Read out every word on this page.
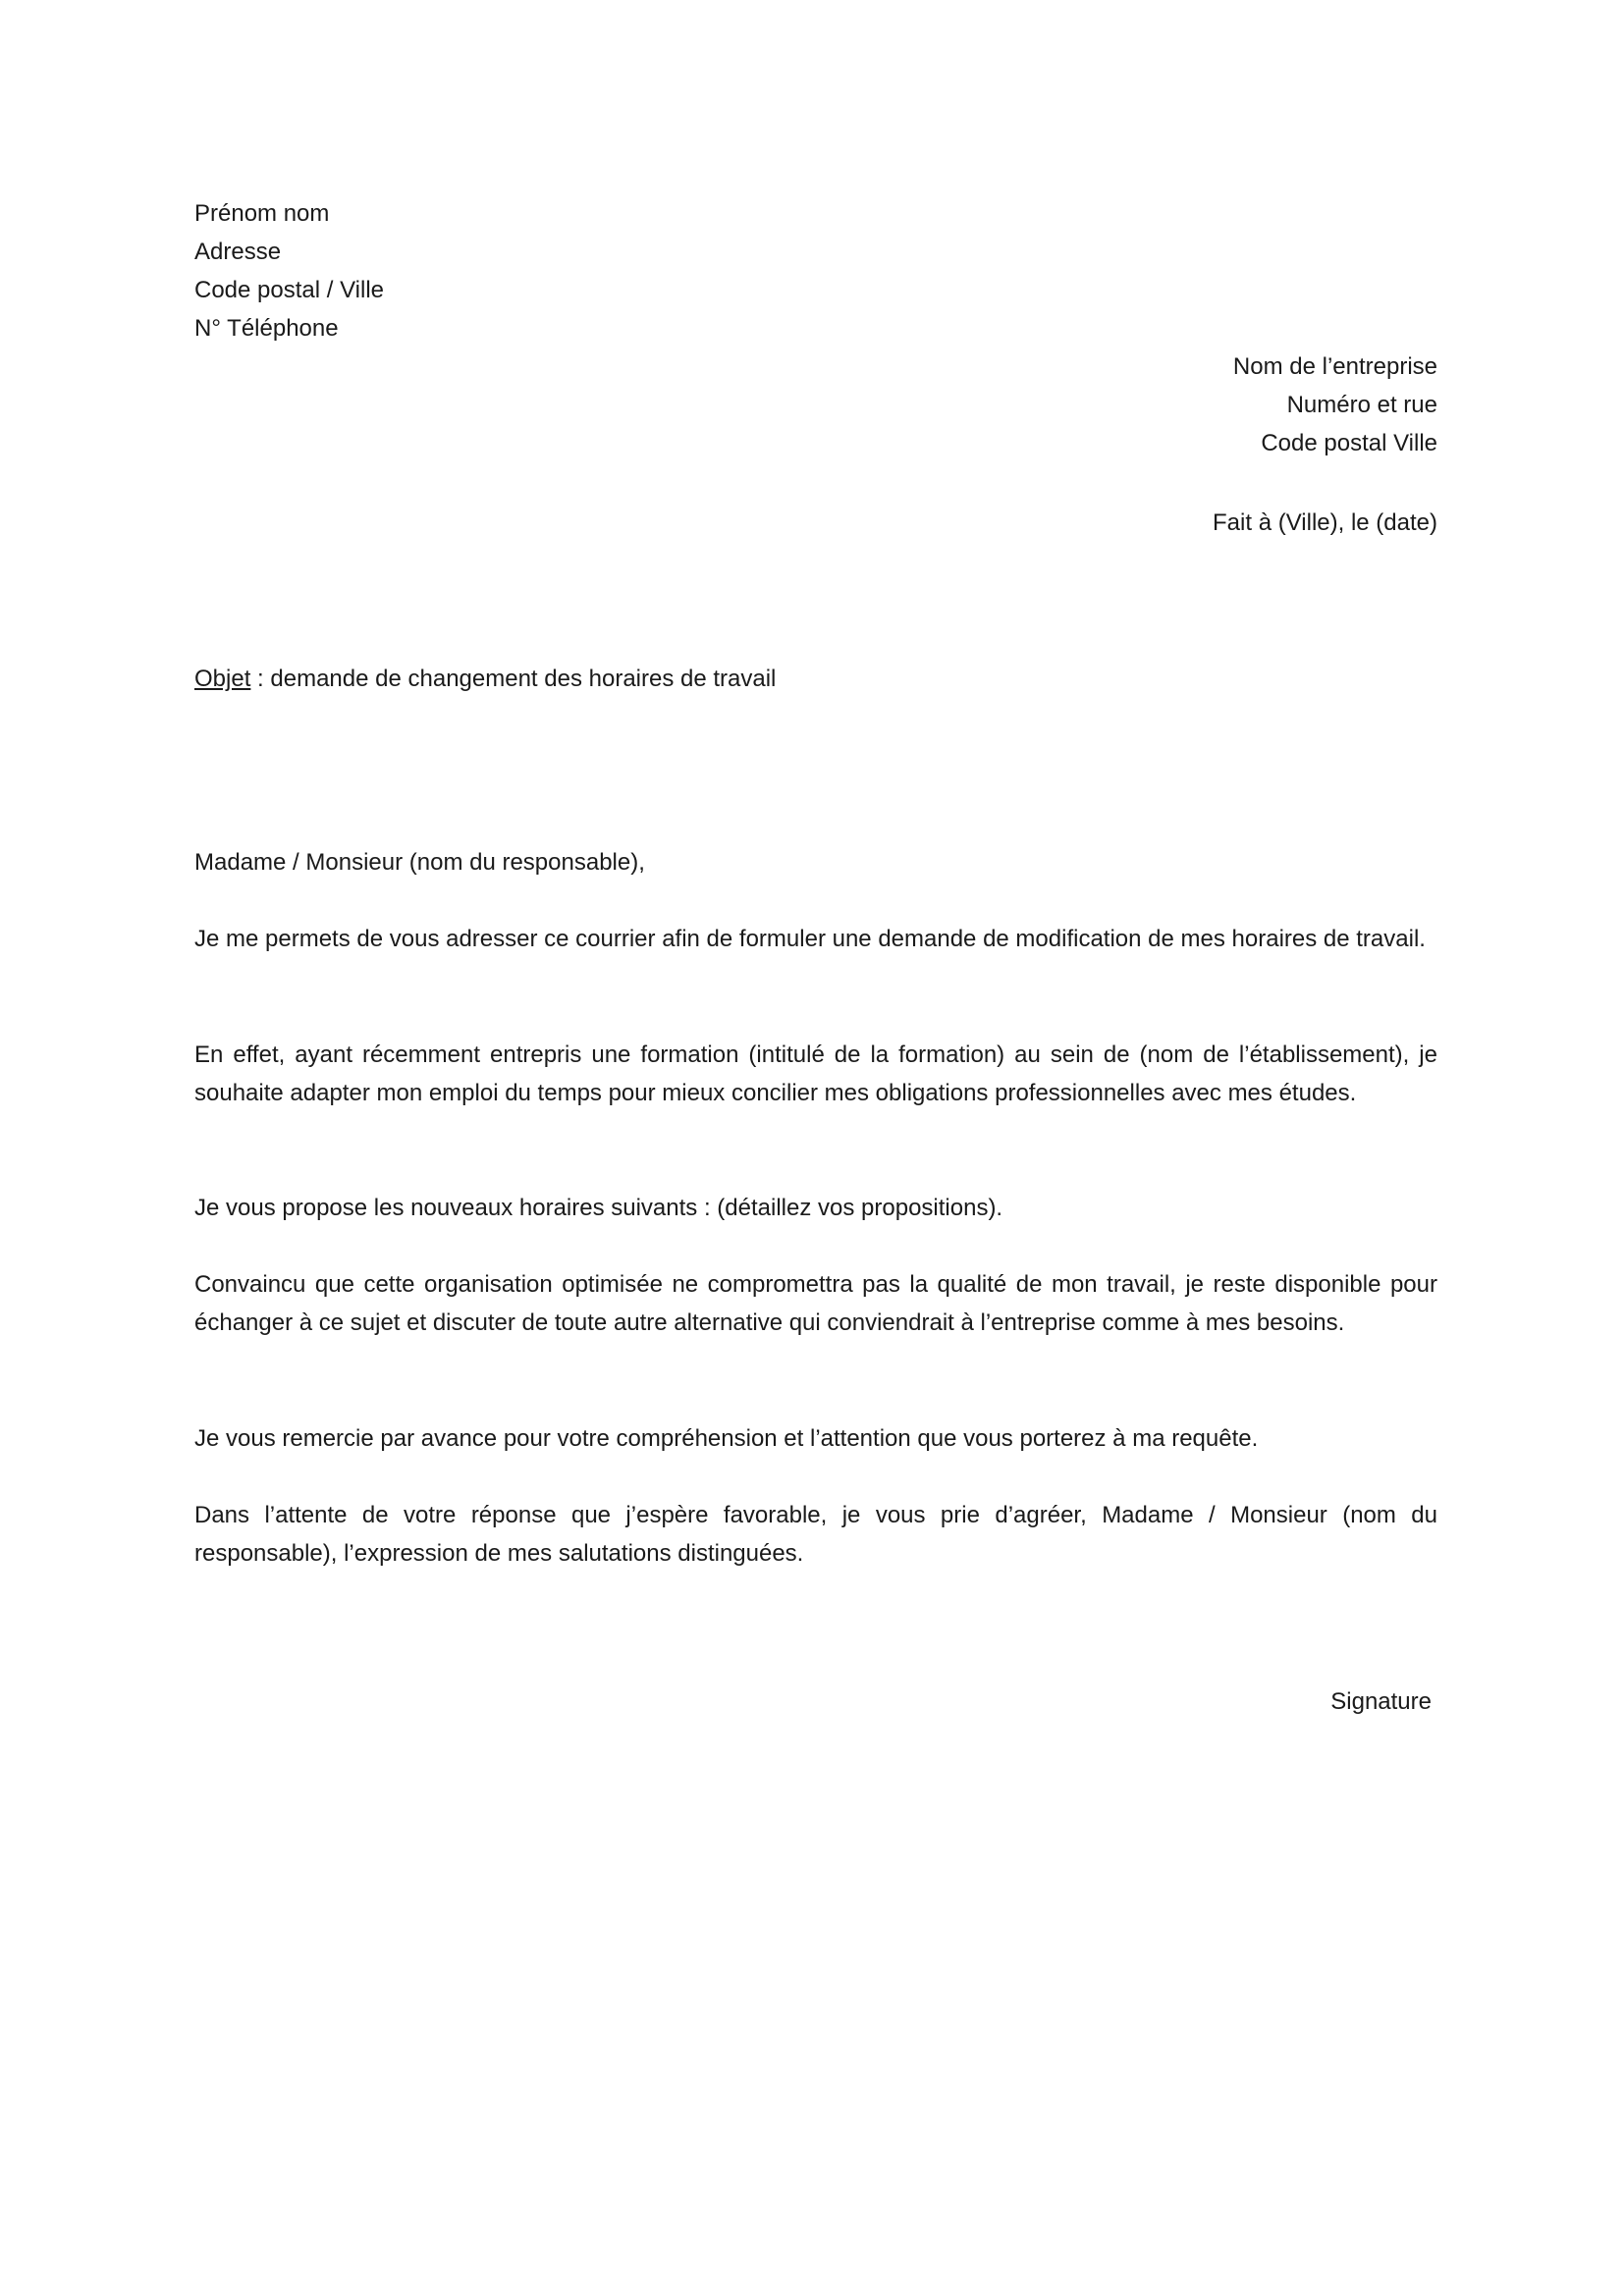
Prénom nom
Adresse
Code postal / Ville
N° Téléphone
Nom de l’entreprise
Numéro et rue
Code postal Ville
Fait à (Ville), le (date)
Objet : demande de changement des horaires de travail
Madame / Monsieur (nom du responsable),
Je me permets de vous adresser ce courrier afin de formuler une demande de modification de mes horaires de travail.
En effet, ayant récemment entrepris une formation (intitulé de la formation) au sein de (nom de l’établissement), je souhaite adapter mon emploi du temps pour mieux concilier mes obligations professionnelles avec mes études.
Je vous propose les nouveaux horaires suivants : (détaillez vos propositions).
Convaincu que cette organisation optimisée ne compromettra pas la qualité de mon travail, je reste disponible pour échanger à ce sujet et discuter de toute autre alternative qui conviendrait à l’entreprise comme à mes besoins.
Je vous remercie par avance pour votre compréhension et l’attention que vous porterez à ma requête.
Dans l’attente de votre réponse que j’espère favorable, je vous prie d’agréer, Madame / Monsieur (nom du responsable), l’expression de mes salutations distinguées.
Signature
